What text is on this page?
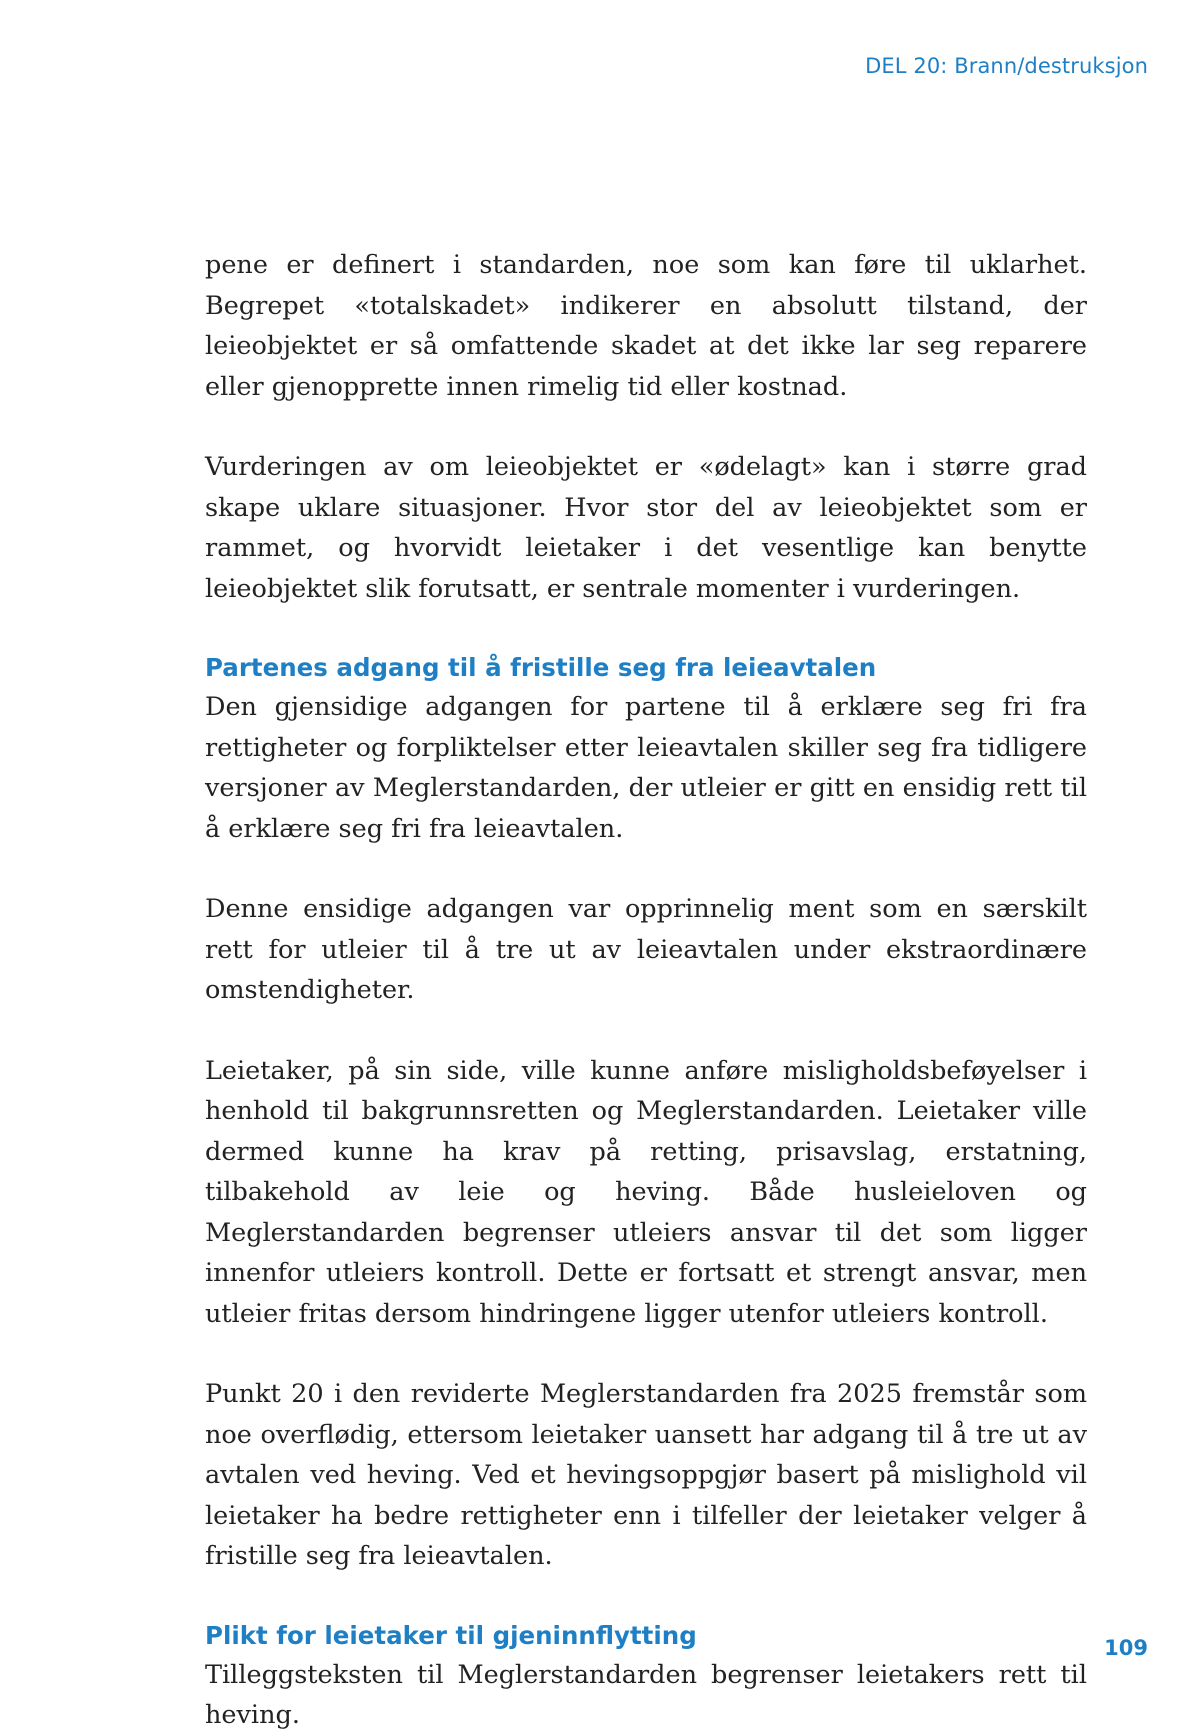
DEL 20: Brann/destruksjon

pene er definert i standarden, noe som kan føre til uklarhet. Begrepet «totalskadet» indikerer en absolutt tilstand, der leieobjektet er så omfattende skadet at det ikke lar seg reparere eller gjenopprette innen rimelig tid eller kostnad.

Vurderingen av om leieobjektet er «ødelagt» kan i større grad skape uklare situasjoner. Hvor stor del av leieobjektet som er rammet, og hvorvidt leietaker i det vesentlige kan benytte leieobjektet slik forutsatt, er sentrale momenter i vurderingen.

Partenes adgang til å fristille seg fra leieavtalen

Den gjensidige adgangen for partene til å erklære seg fri fra rettigheter og forpliktelser etter leieavtalen skiller seg fra tidligere versjoner av Meglerstandarden, der utleier er gitt en ensidig rett til å erklære seg fri fra leieavtalen.

Denne ensidige adgangen var opprinnelig ment som en særskilt rett for utleier til å tre ut av leieavtalen under ekstraordinære omstendigheter.

Leietaker, på sin side, ville kunne anføre misligholdsbeføyelser i henhold til bakgrunnsretten og Meglerstandarden. Leietaker ville dermed kunne ha krav på retting, prisavslag, erstatning, tilbakehold av leie og heving. Både husleieloven og Meglerstandarden begrenser utleiers ansvar til det som ligger innenfor utleiers kontroll. Dette er fortsatt et strengt ansvar, men utleier fritas dersom hindringene ligger utenfor utleiers kontroll.

Punkt 20 i den reviderte Meglerstandarden fra 2025 fremstår som noe overflødig, ettersom leietaker uansett har adgang til å tre ut av avtalen ved heving. Ved et hevingsoppgjør basert på mislighold vil leietaker ha bedre rettigheter enn i tilfeller der leietaker velger å fristille seg fra leieavtalen.

Plikt for leietaker til gjeninnflytting

Tilleggsteksten til Meglerstandarden begrenser leietakers rett til heving.

109
